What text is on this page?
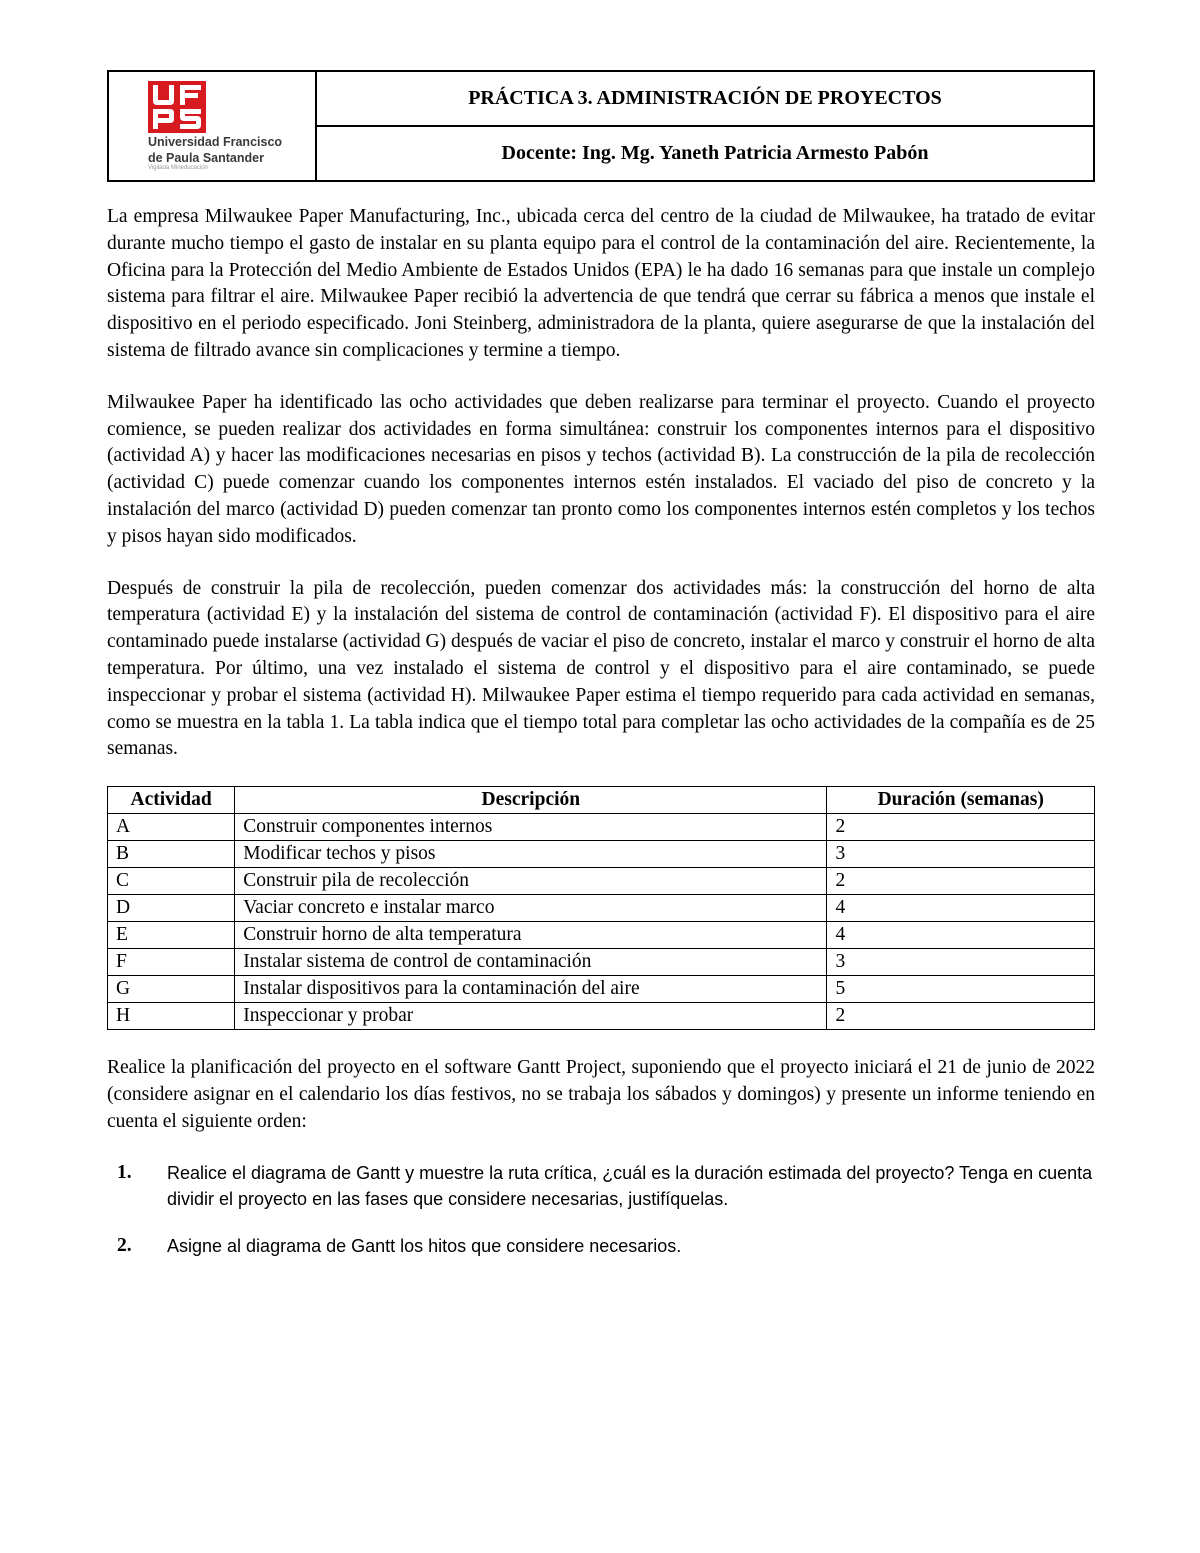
Universidad Francisco
de Paula Santander
Vigilada Mineducación
PRÁCTICA 3. ADMINISTRACIÓN DE PROYECTOS
Docente: Ing. Mg. Yaneth Patricia Armesto Pabón

La empresa Milwaukee Paper Manufacturing, Inc., ubicada cerca del centro de la ciudad de Milwaukee, ha tratado de evitar durante mucho tiempo el gasto de instalar en su planta equipo para el control de la contaminación del aire. Recientemente, la Oficina para la Protección del Medio Ambiente de Estados Unidos (EPA) le ha dado 16 semanas para que instale un complejo sistema para filtrar el aire. Milwaukee Paper recibió la advertencia de que tendrá que cerrar su fábrica a menos que instale el dispositivo en el periodo especificado. Joni Steinberg, administradora de la planta, quiere asegurarse de que la instalación del sistema de filtrado avance sin complicaciones y termine a tiempo.

Milwaukee Paper ha identificado las ocho actividades que deben realizarse para terminar el proyecto. Cuando el proyecto comience, se pueden realizar dos actividades en forma simultánea: construir los componentes internos para el dispositivo (actividad A) y hacer las modificaciones necesarias en pisos y techos (actividad B). La construcción de la pila de recolección (actividad C) puede comenzar cuando los componentes internos estén instalados. El vaciado del piso de concreto y la instalación del marco (actividad D) pueden comenzar tan pronto como los componentes internos estén completos y los techos y pisos hayan sido modificados.

Después de construir la pila de recolección, pueden comenzar dos actividades más: la construcción del horno de alta temperatura (actividad E) y la instalación del sistema de control de contaminación (actividad F). El dispositivo para el aire contaminado puede instalarse (actividad G) después de vaciar el piso de concreto, instalar el marco y construir el horno de alta temperatura. Por último, una vez instalado el sistema de control y el dispositivo para el aire contaminado, se puede inspeccionar y probar el sistema (actividad H). Milwaukee Paper estima el tiempo requerido para cada actividad en semanas, como se muestra en la tabla 1. La tabla indica que el tiempo total para completar las ocho actividades de la compañía es de 25 semanas.

Actividad	Descripción	Duración (semanas)
A	Construir componentes internos	2
B	Modificar techos y pisos	3
C	Construir pila de recolección	2
D	Vaciar concreto e instalar marco	4
E	Construir horno de alta temperatura	4
F	Instalar sistema de control de contaminación	3
G	Instalar dispositivos para la contaminación del aire	5
H	Inspeccionar y probar	2

Realice la planificación del proyecto en el software Gantt Project, suponiendo que el proyecto iniciará el 21 de junio de 2022 (considere asignar en el calendario los días festivos, no se trabaja los sábados y domingos) y presente un informe teniendo en cuenta el siguiente orden:

1.	Realice el diagrama de Gantt y muestre la ruta crítica, ¿cuál es la duración estimada del proyecto? Tenga en cuenta dividir el proyecto en las fases que considere necesarias, justifíquelas.
2.	Asigne al diagrama de Gantt los hitos que considere necesarios.
